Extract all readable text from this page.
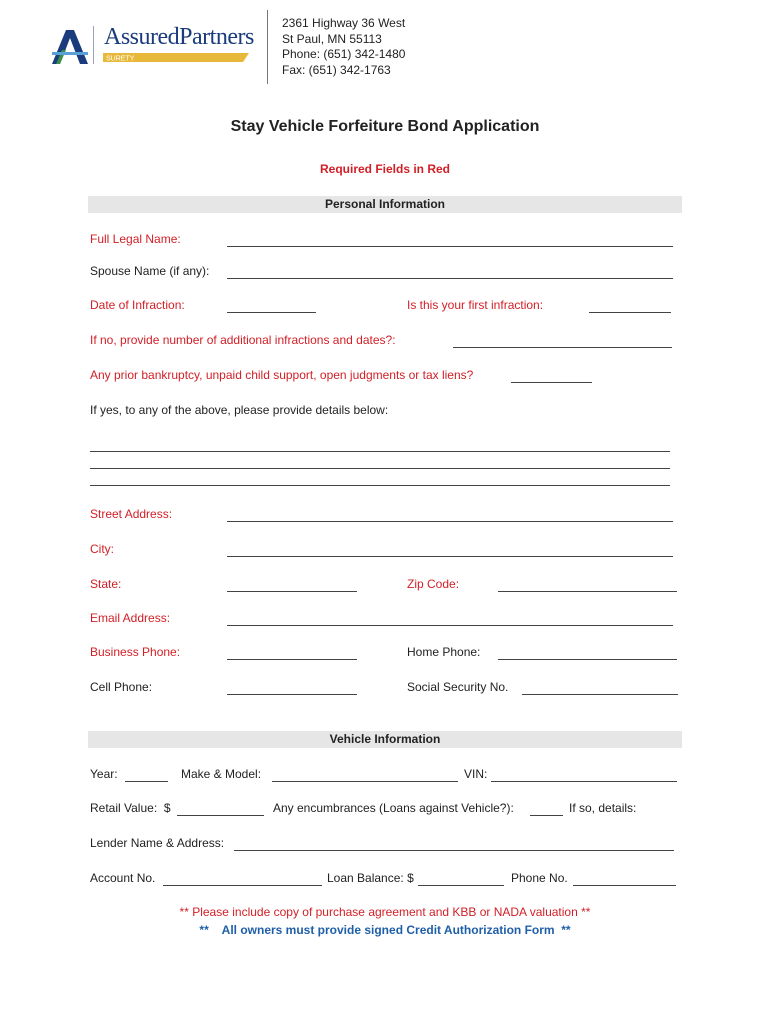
AssuredPartners
SURETY
2361 Highway 36 West
St Paul, MN 55113
Phone: (651) 342-1480
Fax: (651) 342-1763
Stay Vehicle Forfeiture Bond Application
Required Fields in Red
Personal Information
Full Legal Name:
Spouse Name (if any):
Date of Infraction:	Is this your first infraction:
If no, provide number of additional infractions and dates?:
Any prior bankruptcy, unpaid child support, open judgments or tax liens?
If yes, to any of the above, please provide details below:
Street Address:
City:
State:	Zip Code:
Email Address:
Business Phone:	Home Phone:
Cell Phone:	Social Security No.
Vehicle Information
Year:	Make & Model:	VIN:
Retail Value:  $	Any encumbrances (Loans against Vehicle?):	If so, details:
Lender Name & Address:
Account No.	Loan Balance: $	Phone No.
** Please include copy of purchase agreement and KBB or NADA valuation **
**    All owners must provide signed Credit Authorization Form  **
